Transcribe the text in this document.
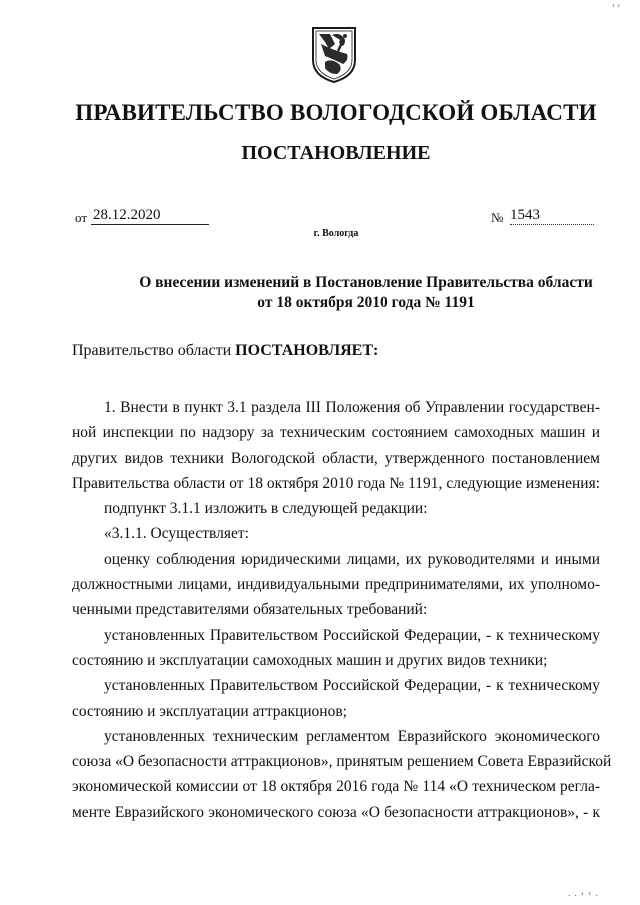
‹ ‹
ПРАВИТЕЛЬСТВО ВОЛОГОДСКОЙ ОБЛАСТИ
ПОСТАНОВЛЕНИЕ
от 28.12.2020	№ 1543
г. Вологда
О внесении изменений в Постановление Правительства области
от 18 октября 2010 года № 1191
Правительство области ПОСТАНОВЛЯЕТ:

1. Внести в пункт 3.1 раздела III Положения об Управлении государствен-

ной инспекции по надзору за техническим состоянием самоходных машин и

других видов техники Вологодской области, утвержденного постановлением

Правительства области от 18 октября 2010 года № 1191, следующие изменения:

подпункт 3.1.1 изложить в следующей редакции:

«3.1.1. Осуществляет:

оценку соблюдения юридическими лицами, их руководителями и иными

должностными лицами, индивидуальными предпринимателями, их уполномо-

ченными представителями обязательных требований:

установленных Правительством Российской Федерации, - к техническому

состоянию и эксплуатации самоходных машин и других видов техники;

установленных Правительством Российской Федерации, - к техническому

состоянию и эксплуатации аттракционов;

установленных техническим регламентом Евразийского экономического

союза «О безопасности аттракционов», принятым решением Совета Евразийской

экономической комиссии от 18 октября 2016 года № 114 «О техническом регла-

менте Евразийского экономического союза «О безопасности аттракционов», - к

. . ‹ ‹ .
